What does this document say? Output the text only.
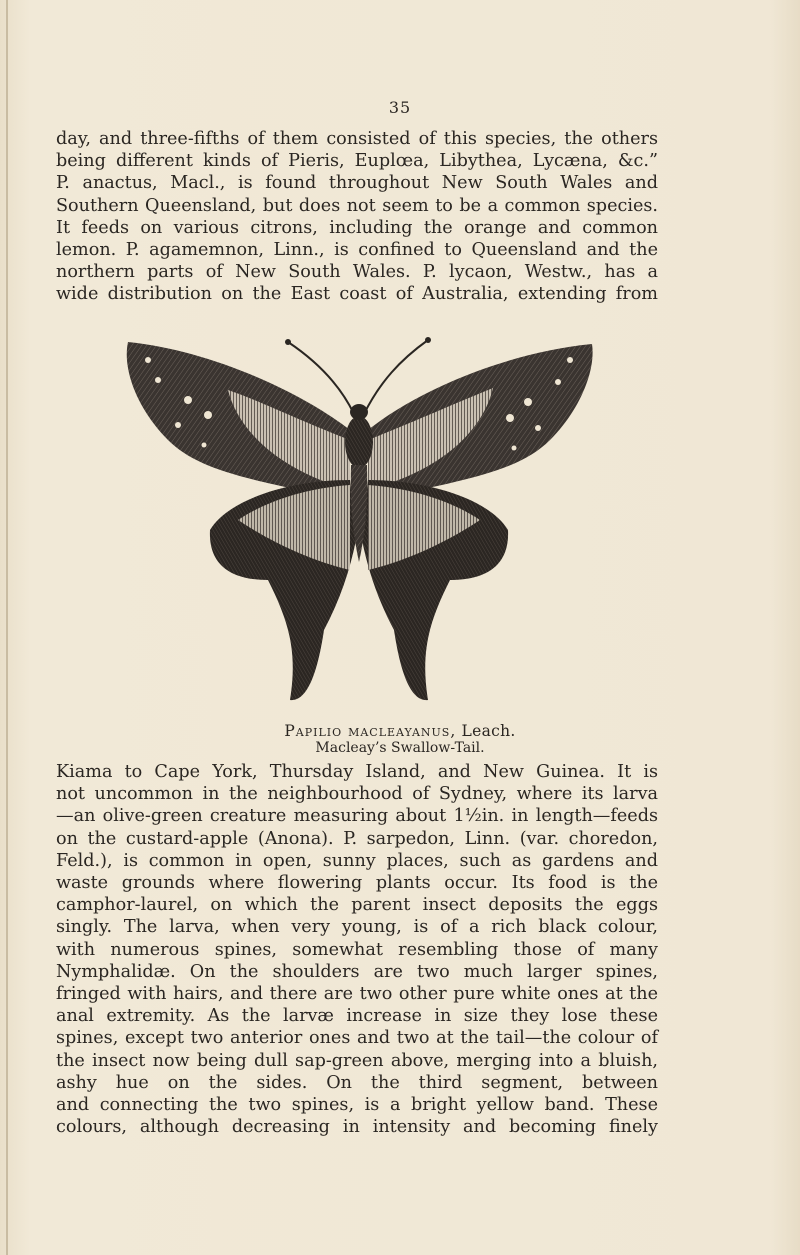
35
day, and three-fifths of them consisted of this species, the others
being different kinds of Pieris, Euplœa, Libythea, Lycæna, &c.”
P. anactus, Macl., is found throughout New South Wales and
Southern Queensland, but does not seem to be a common species.
It feeds on various citrons, including the orange and common
lemon. P. agamemnon, Linn., is confined to Queensland and the
northern parts of New South Wales. P. lycaon, Westw., has a
wide distribution on the East coast of Australia, extending from
Papilio macleayanus, Leach.
Macleay’s Swallow-Tail.
Kiama to Cape York, Thursday Island, and New Guinea. It is
not uncommon in the neighbourhood of Sydney, where its larva
—an olive-green creature measuring about 1½in. in length—feeds
on the custard-apple (Anona). P. sarpedon, Linn. (var. choredon,
Feld.), is common in open, sunny places, such as gardens and
waste grounds where flowering plants occur. Its food is the
camphor-laurel, on which the parent insect deposits the eggs
singly. The larva, when very young, is of a rich black colour,
with numerous spines, somewhat resembling those of many
Nymphalidæ. On the shoulders are two much larger spines,
fringed with hairs, and there are two other pure white ones at the
anal extremity. As the larvæ increase in size they lose these
spines, except two anterior ones and two at the tail—the colour of
the insect now being dull sap-green above, merging into a bluish,
ashy hue on the sides. On the third segment, between
and connecting the two spines, is a bright yellow band. These
colours, although decreasing in intensity and becoming finely
